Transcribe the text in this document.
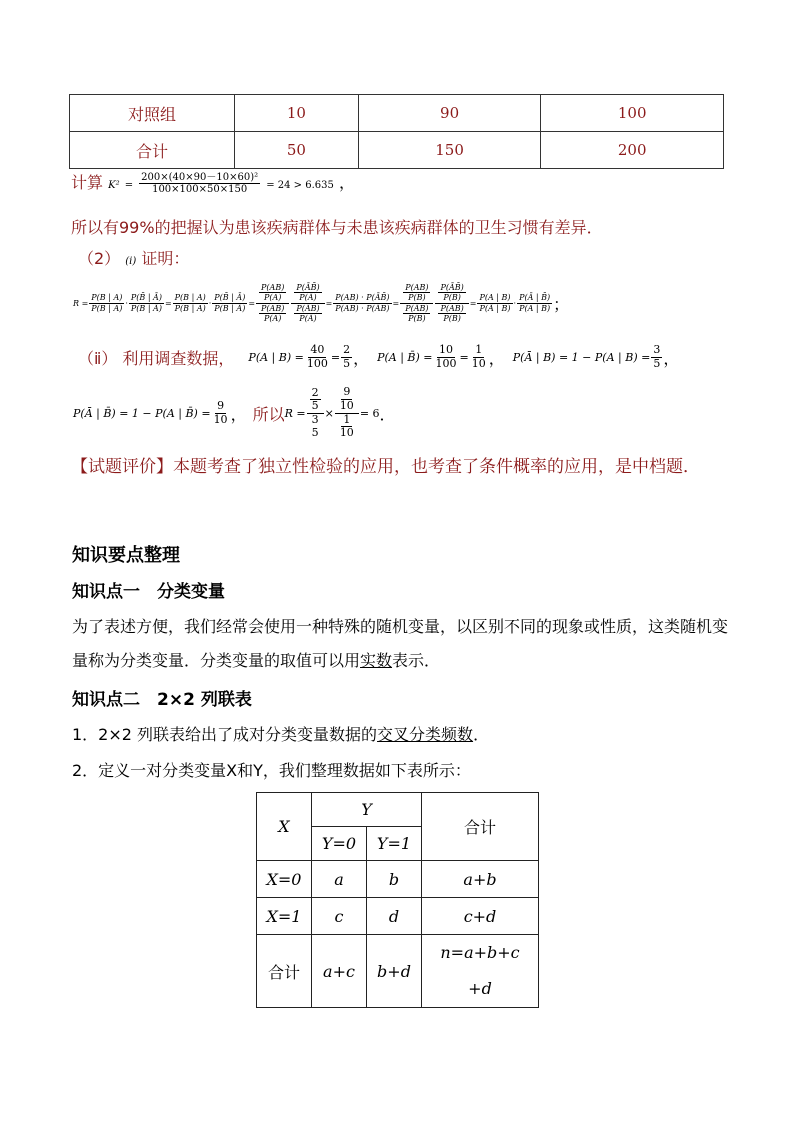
对照组	10	90	100
合计	50	150	200
计算 $K^2 = \frac{\text{200×(40×90－10×60)²}}{100\times 100\times 50\times 150} = 24 > 6.635$ ，
所以有99%的把握认为患该疾病群体与未患该疾病群体的卫生习惯有差异．
（2） (i) 证明：
$R = \frac{P(B | A)}{P(B̄ | A)} \cdot \frac{P(B̄ | Ā)}{P(B | Ā)} = \frac{P(B | A)}{P(B̄ | A)} \cdot \frac{P(B̄ | Ā)}{P(B | Ā)} = \frac{\frac{P(AB)}{P(A)}}{\frac{P(AB̄)}{P(A)}} \frac{\frac{P(ĀB̄)}{P(Ā)}}{\frac{P(ĀB)}{P(Ā)}} = \frac{P(AB) \cdot P(ĀB̄)}{P(AB̄) \cdot P(ĀB)} = \frac{\frac{P(AB)}{P(B)}}{\frac{P(ĀB)}{P(B)}} \frac{\frac{P(ĀB̄)}{P(B̄)}}{\frac{P(AB̄)}{P(B̄)}} = \frac{P(A | B)}{P(Ā | B)} \cdot \frac{P(Ā | B̄)}{P(A | B̄)}$ ；
（ⅱ） 利用调查数据， P(A | $B) = \frac{40}{100} = \frac{2}{5}$ ， P(A | B̄) = $\frac{10}{100} = \frac{1}{10}$ ， P(Ā | B) = 1 − P(A | $B) = \frac{3}{5}$ ，
P(Ā | B̄) = 1 − P(A | B̄) = $\frac{9}{10}$ ， 所以 $R = \frac{2}{5}$
3
5
× $\frac{\frac{9}{10}}{\frac{1}{10}} = 6$ ．
【试题评价】本题考查了独立性检验的应用，也考查了条件概率的应用，是中档题．
知识要点整理
知识点一　分类变量
为了表述方便，我们经常会使用一种特殊的随机变量，以区别不同的现象或性质，这类随机变量称为分类变量．分类变量的取值可以用实数表示．
知识点二　2×2 列联表
1．2×2 列联表给出了成对分类变量数据的交叉分类频数．
2．定义一对分类变量X和Y，我们整理数据如下表所示：
X	Y		合计
	Y=0	Y=1	
X=0	a	b	a+b
X=1	c	d	c+d
合计	a+c	b+d	n=a+b+c
+d
